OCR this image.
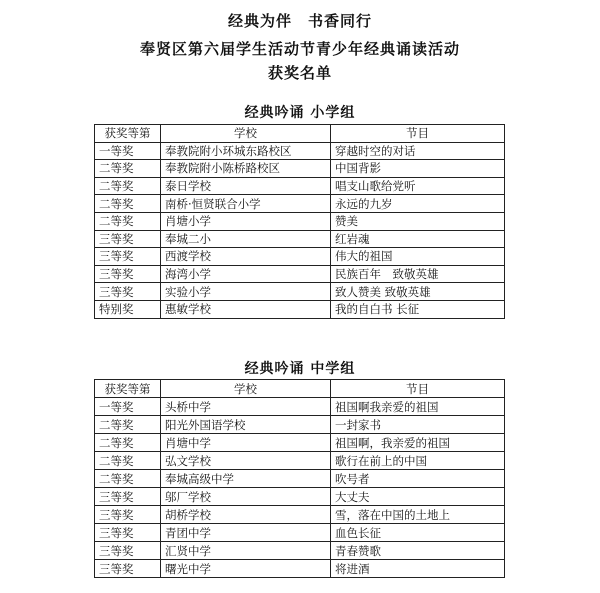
经典为伴　书香同行
奉贤区第六届学生活动节青少年经典诵读活动
获奖名单
经典吟诵 小学组
获奖等第	学校	节目
一等奖	奉教院附小环城东路校区	穿越时空的对话
二等奖	奉教院附小陈桥路校区	中国背影
二等奖	泰日学校	唱支山歌给党听
二等奖	南桥·恒贤联合小学	永远的九岁
二等奖	肖塘小学	赞美
三等奖	奉城二小	红岩魂
三等奖	西渡学校	伟大的祖国
三等奖	海湾小学	民族百年　致敬英雄
三等奖	实验小学	致人赞美 致敬英雄
特别奖	惠敏学校	我的自白书 长征
经典吟诵 中学组
获奖等第	学校	节目
一等奖	头桥中学	祖国啊我亲爱的祖国
二等奖	阳光外国语学校	一封家书
二等奖	肖塘中学	祖国啊，我亲爱的祖国
二等奖	弘文学校	歌行在前上的中国
二等奖	奉城高级中学	吹号者
三等奖	邬厂学校	大丈夫
三等奖	胡桥学校	雪，落在中国的土地上
三等奖	青团中学	血色长征
三等奖	汇贤中学	青春赞歌
三等奖	曙光中学	将进酒
